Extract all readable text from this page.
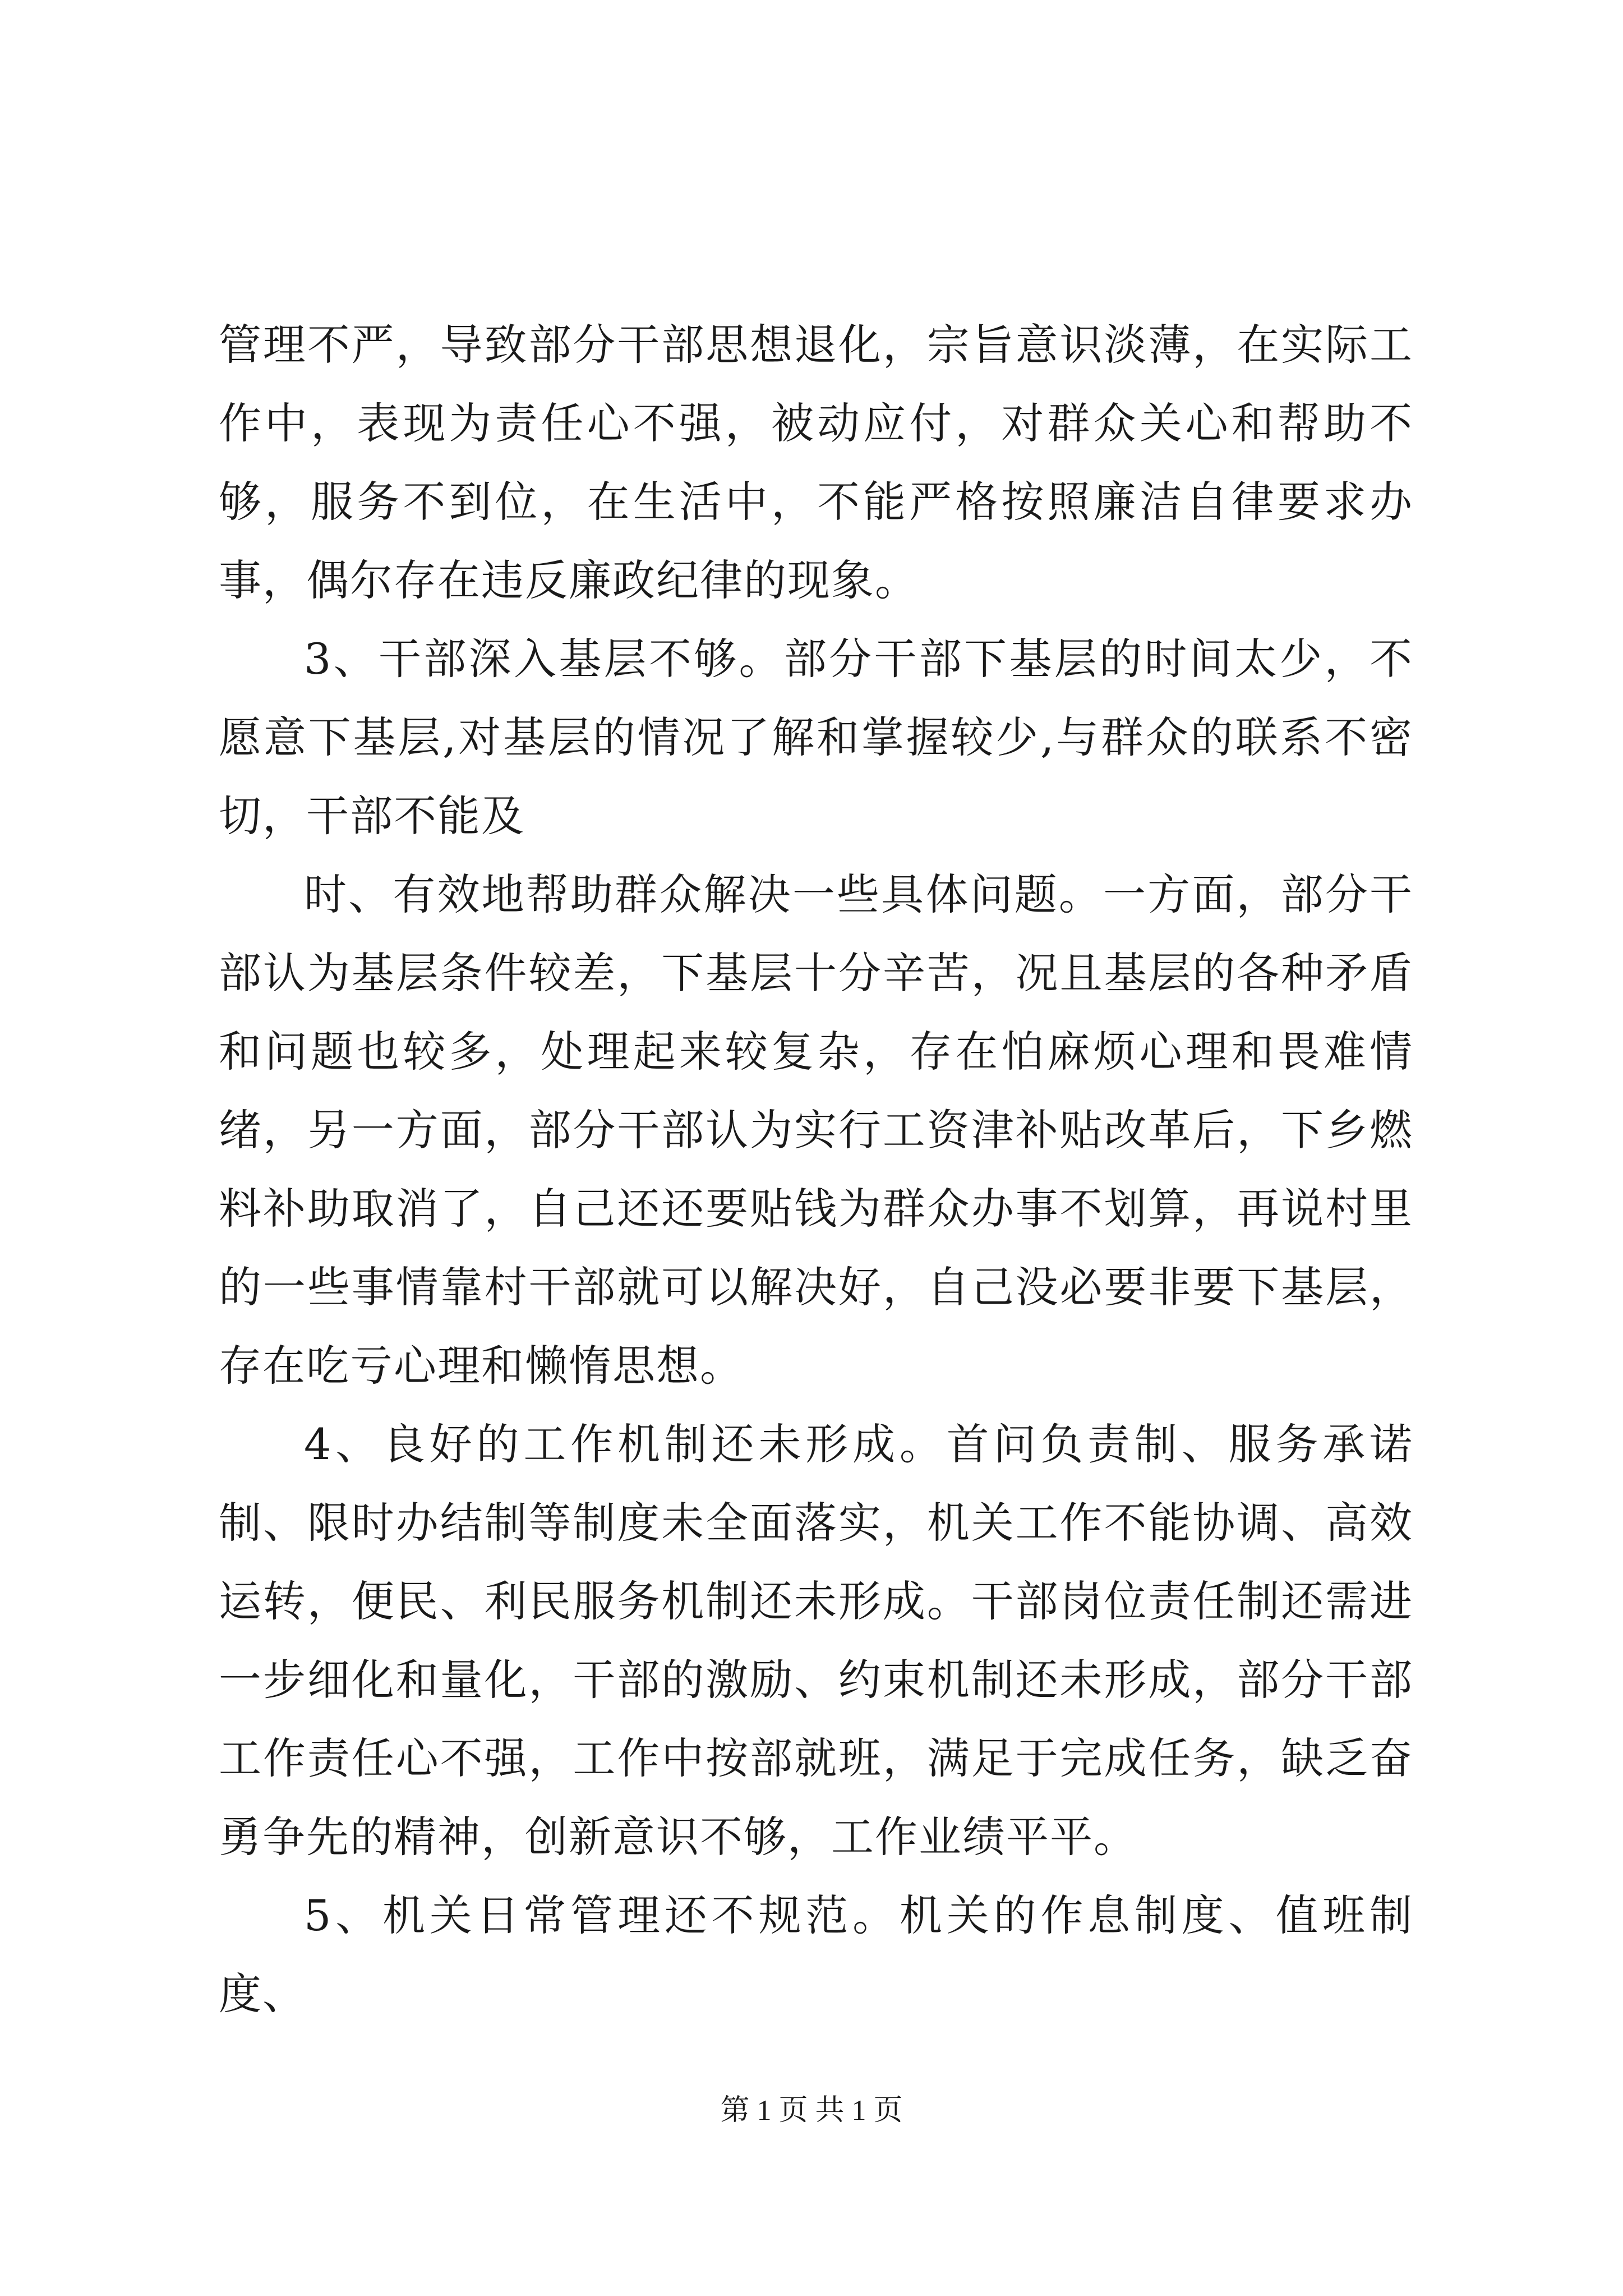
管理不严，导致部分干部思想退化，宗旨意识淡薄，在实际工作中，表现为责任心不强，被动应付，对群众关心和帮助不够，服务不到位，在生活中，不能严格按照廉洁自律要求办事，偶尔存在违反廉政纪律的现象。

3、干部深入基层不够。部分干部下基层的时间太少，不愿意下基层,对基层的情况了解和掌握较少,与群众的联系不密切，干部不能及

时、有效地帮助群众解决一些具体问题。一方面，部分干部认为基层条件较差，下基层十分辛苦，况且基层的各种矛盾和问题也较多，处理起来较复杂，存在怕麻烦心理和畏难情绪，另一方面，部分干部认为实行工资津补贴改革后，下乡燃料补助取消了，自己还还要贴钱为群众办事不划算，再说村里的一些事情靠村干部就可以解决好，自己没必要非要下基层，存在吃亏心理和懒惰思想。

4、良好的工作机制还未形成。首问负责制、服务承诺制、限时办结制等制度未全面落实，机关工作不能协调、高效运转，便民、利民服务机制还未形成。干部岗位责任制还需进一步细化和量化，干部的激励、约束机制还未形成，部分干部工作责任心不强，工作中按部就班，满足于完成任务，缺乏奋勇争先的精神，创新意识不够，工作业绩平平。

5、机关日常管理还不规范。机关的作息制度、值班制度、

第 1 页 共 1 页
